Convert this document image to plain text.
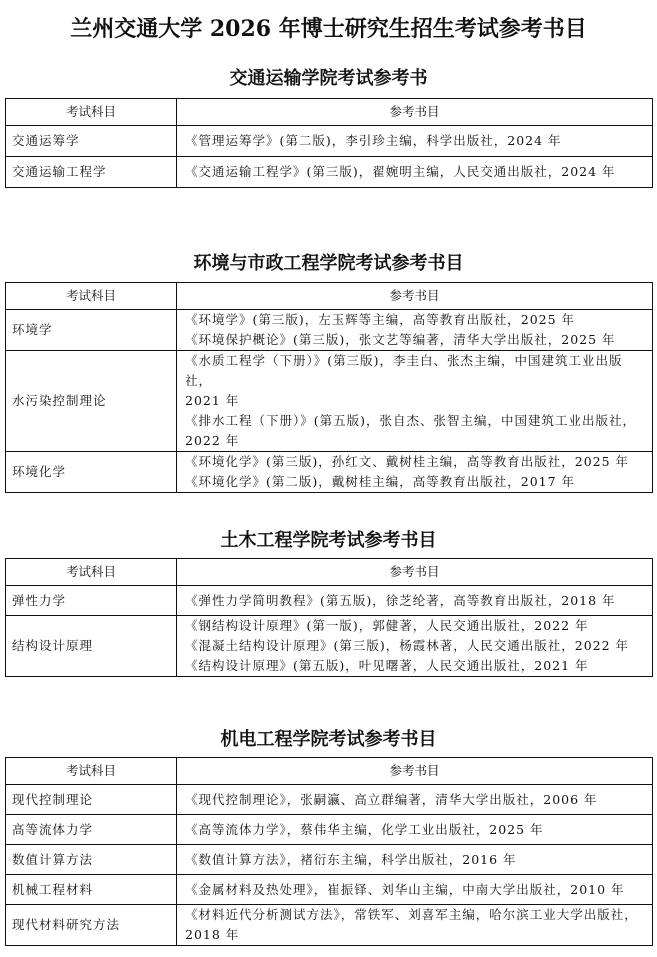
兰州交通大学 2026 年博士研究生招生考试参考书目
交通运输学院考试参考书
考试科目	参考书目
交通运筹学	《管理运筹学》(第二版)，李引珍主编，科学出版社，2024 年

交通运输工程学	《交通运输工程学》(第三版)，翟婉明主编，人民交通出版社，2024 年
环境与市政工程学院考试参考书目
考试科目	参考书目
环境学	《环境学》(第三版)，左玉辉等主编，高等教育出版社，2025 年
《环境保护概论》(第三版)，张文艺等编著，清华大学出版社，2025 年

水污染控制理论	《水质工程学（下册）》(第三版)，李圭白、张杰主编，中国建筑工业出版社，
2021 年
《排水工程（下册）》(第五版)，张自杰、张智主编，中国建筑工业出版社，
2022 年

环境化学	《环境化学》(第三版)，孙红文、戴树桂主编，高等教育出版社，2025 年
《环境化学》(第二版)，戴树桂主编，高等教育出版社，2017 年
土木工程学院考试参考书目
考试科目	参考书目
弹性力学	《弹性力学简明教程》(第五版)，徐芝纶著，高等教育出版社，2018 年

结构设计原理	《钢结构设计原理》(第一版)，郭健著，人民交通出版社，2022 年
《混凝土结构设计原理》(第三版)，杨霞林著，人民交通出版社，2022 年
《结构设计原理》(第五版)，叶见曙著，人民交通出版社，2021 年
机电工程学院考试参考书目
考试科目	参考书目
现代控制理论	《现代控制理论》，张嗣瀛、高立群编著，清华大学出版社，2006 年

高等流体力学	《高等流体力学》，蔡伟华主编，化学工业出版社，2025 年

数值计算方法	《数值计算方法》，褚衍东主编，科学出版社，2016 年

机械工程材料	《金属材料及热处理》，崔振铎、刘华山主编，中南大学出版社，2010 年

现代材料研究方法	《材料近代分析测试方法》，常铁军、刘喜军主编，哈尔滨工业大学出版社，
2018 年
